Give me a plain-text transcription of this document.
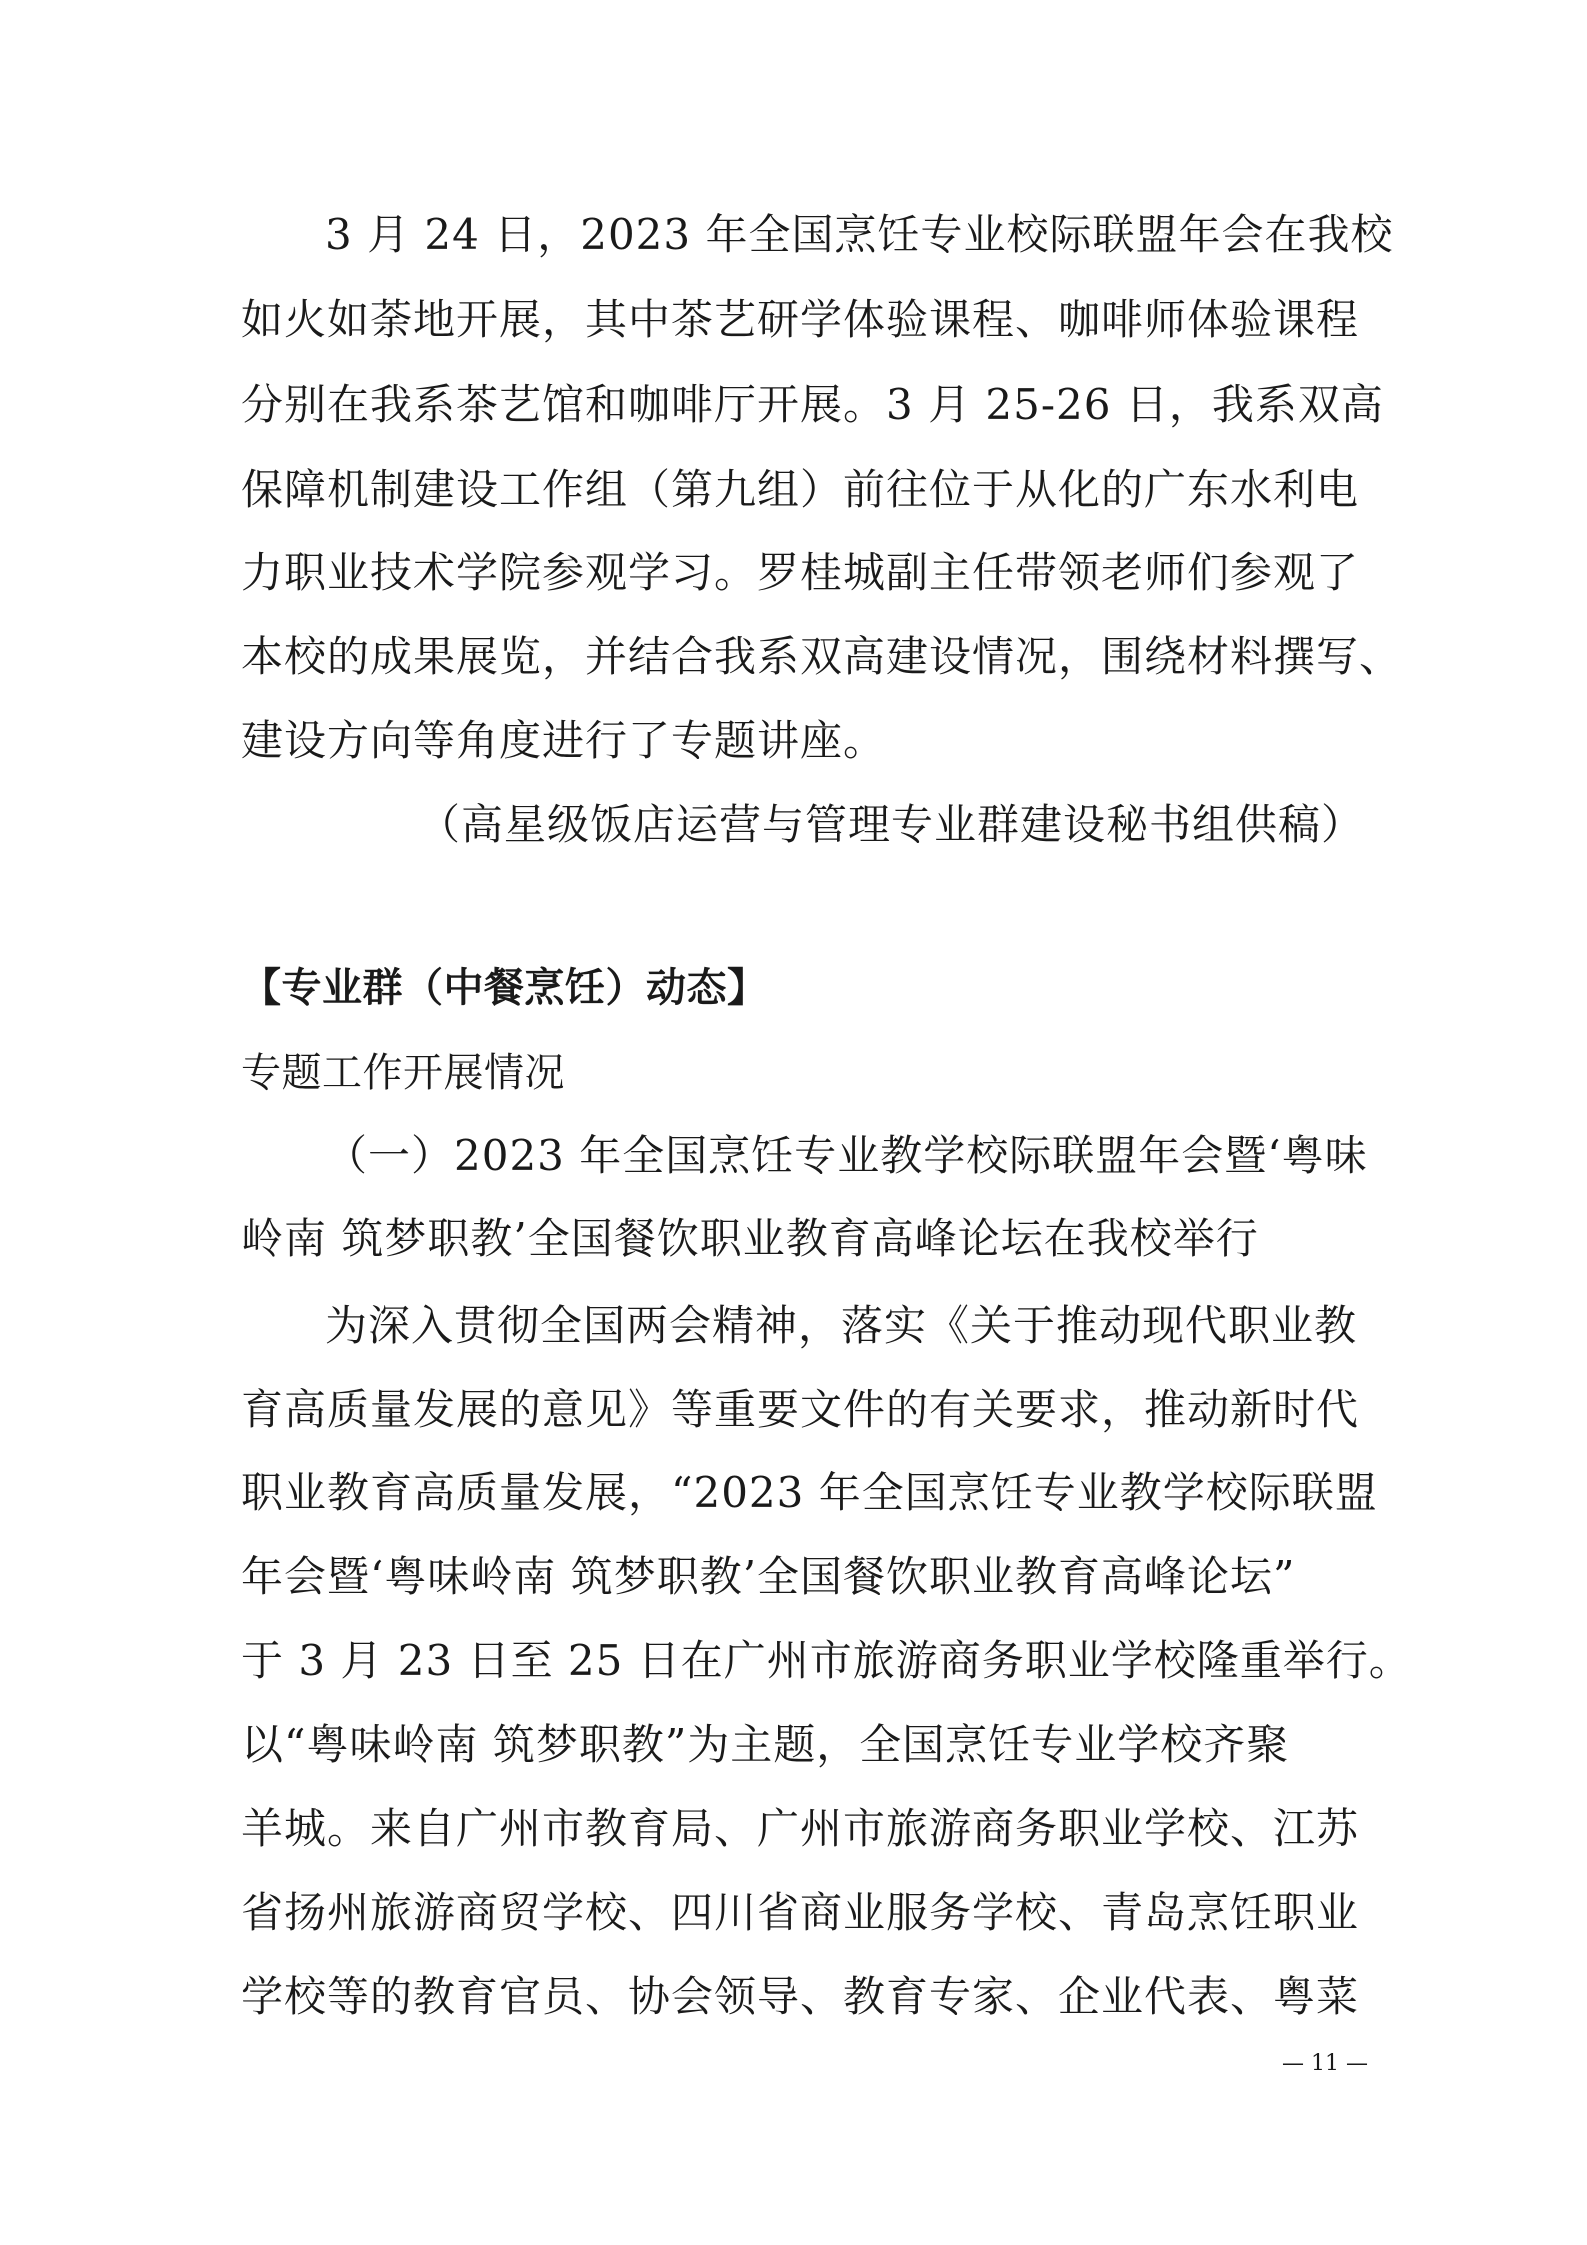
3 月 24 日，2023 年全国烹饪专业校际联盟年会在我校
如火如荼地开展，其中茶艺研学体验课程、咖啡师体验课程
分别在我系茶艺馆和咖啡厅开展。3 月 25-26 日，我系双高
保障机制建设工作组（第九组）前往位于从化的广东水利电
力职业技术学院参观学习。罗桂城副主任带领老师们参观了
本校的成果展览，并结合我系双高建设情况，围绕材料撰写、
建设方向等角度进行了专题讲座。
（高星级饭店运营与管理专业群建设秘书组供稿）
【专业群（中餐烹饪）动态】
专题工作开展情况
（一）2023 年全国烹饪专业教学校际联盟年会暨‘粤味
岭南 筑梦职教’全国餐饮职业教育高峰论坛在我校举行
为深入贯彻全国两会精神，落实《关于推动现代职业教
育高质量发展的意见》等重要文件的有关要求，推动新时代
职业教育高质量发展，“2023 年全国烹饪专业教学校际联盟
年会暨‘粤味岭南 筑梦职教’全国餐饮职业教育高峰论坛”
于 3 月 23 日至 25 日在广州市旅游商务职业学校隆重举行。
以“粤味岭南 筑梦职教”为主题，全国烹饪专业学校齐聚
羊城。来自广州市教育局、广州市旅游商务职业学校、江苏
省扬州旅游商贸学校、四川省商业服务学校、青岛烹饪职业
学校等的教育官员、协会领导、教育专家、企业代表、粤菜
— 11 —
